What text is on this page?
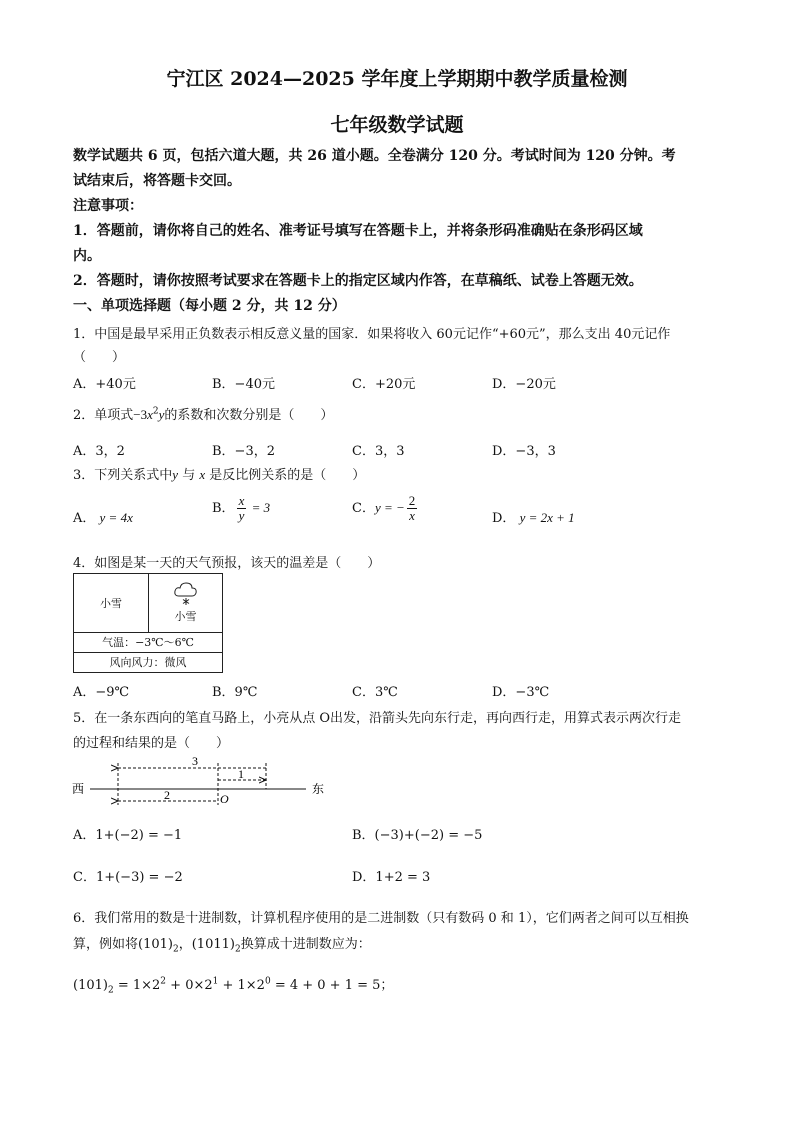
宁江区 2024—2025 学年度上学期期中教学质量检测
七年级数学试题
数学试题共 6 页，包括六道大题，共 26 道小题。全卷满分 120 分。考试时间为 120 分钟。考
试结束后，将答题卡交回。
注意事项：
1．答题前，请你将自己的姓名、准考证号填写在答题卡上，并将条形码准确贴在条形码区域
内。
2．答题时，请你按照考试要求在答题卡上的指定区域内作答，在草稿纸、试卷上答题无效。
一、单项选择题（每小题 2 分，共 12 分）
1．中国是最早采用正负数表示相反意义量的国家．如果将收入 60元记作“+60元”，那么支出 40元记作
（　　）
A．+40元	B．−40元	C．+20元	D．−20元
2．单项式$-3x^2y$的系数和次数分别是（　　）
A．3，2	B．−3，2	C．3，3	D．−3，3
3．下列关系式中y 与 x 是反比例关系的是（　　）
A． y = 4x
B． $\frac{x}{y} = 3$	C．y = − $\frac{2}{x}$	D． y = 2x + 1
4．如图是某一天的天气预报，该天的温差是（　　）
小雪
小雪
气温：−3℃～6℃
风向风力：微风
A．−9℃	B．9℃	C．3℃	D．−3℃
5．在一条东西向的笔直马路上，小亮从点 O出发，沿箭头先向东行走，再向西行走，用算式表示两次行走
的过程和结果的是（　　）
西	东
3
1
2	O
A．1+(−2) = −1	B．(−3)+(−2) = −5
C．1+(−3) = −2	D．1+2 = 3
6．我们常用的数是十进制数，计算机程序使用的是二进制数（只有数码 0 和 1），它们两者之间可以互相换
算，例如将$(101)_2$，$(1011)_2$换算成十进制数应为：
$(101)_2 = 1\times 2^2 + 0\times 2^1 + 1\times 2^0 = 4 + 0 + 1 = 5$；
